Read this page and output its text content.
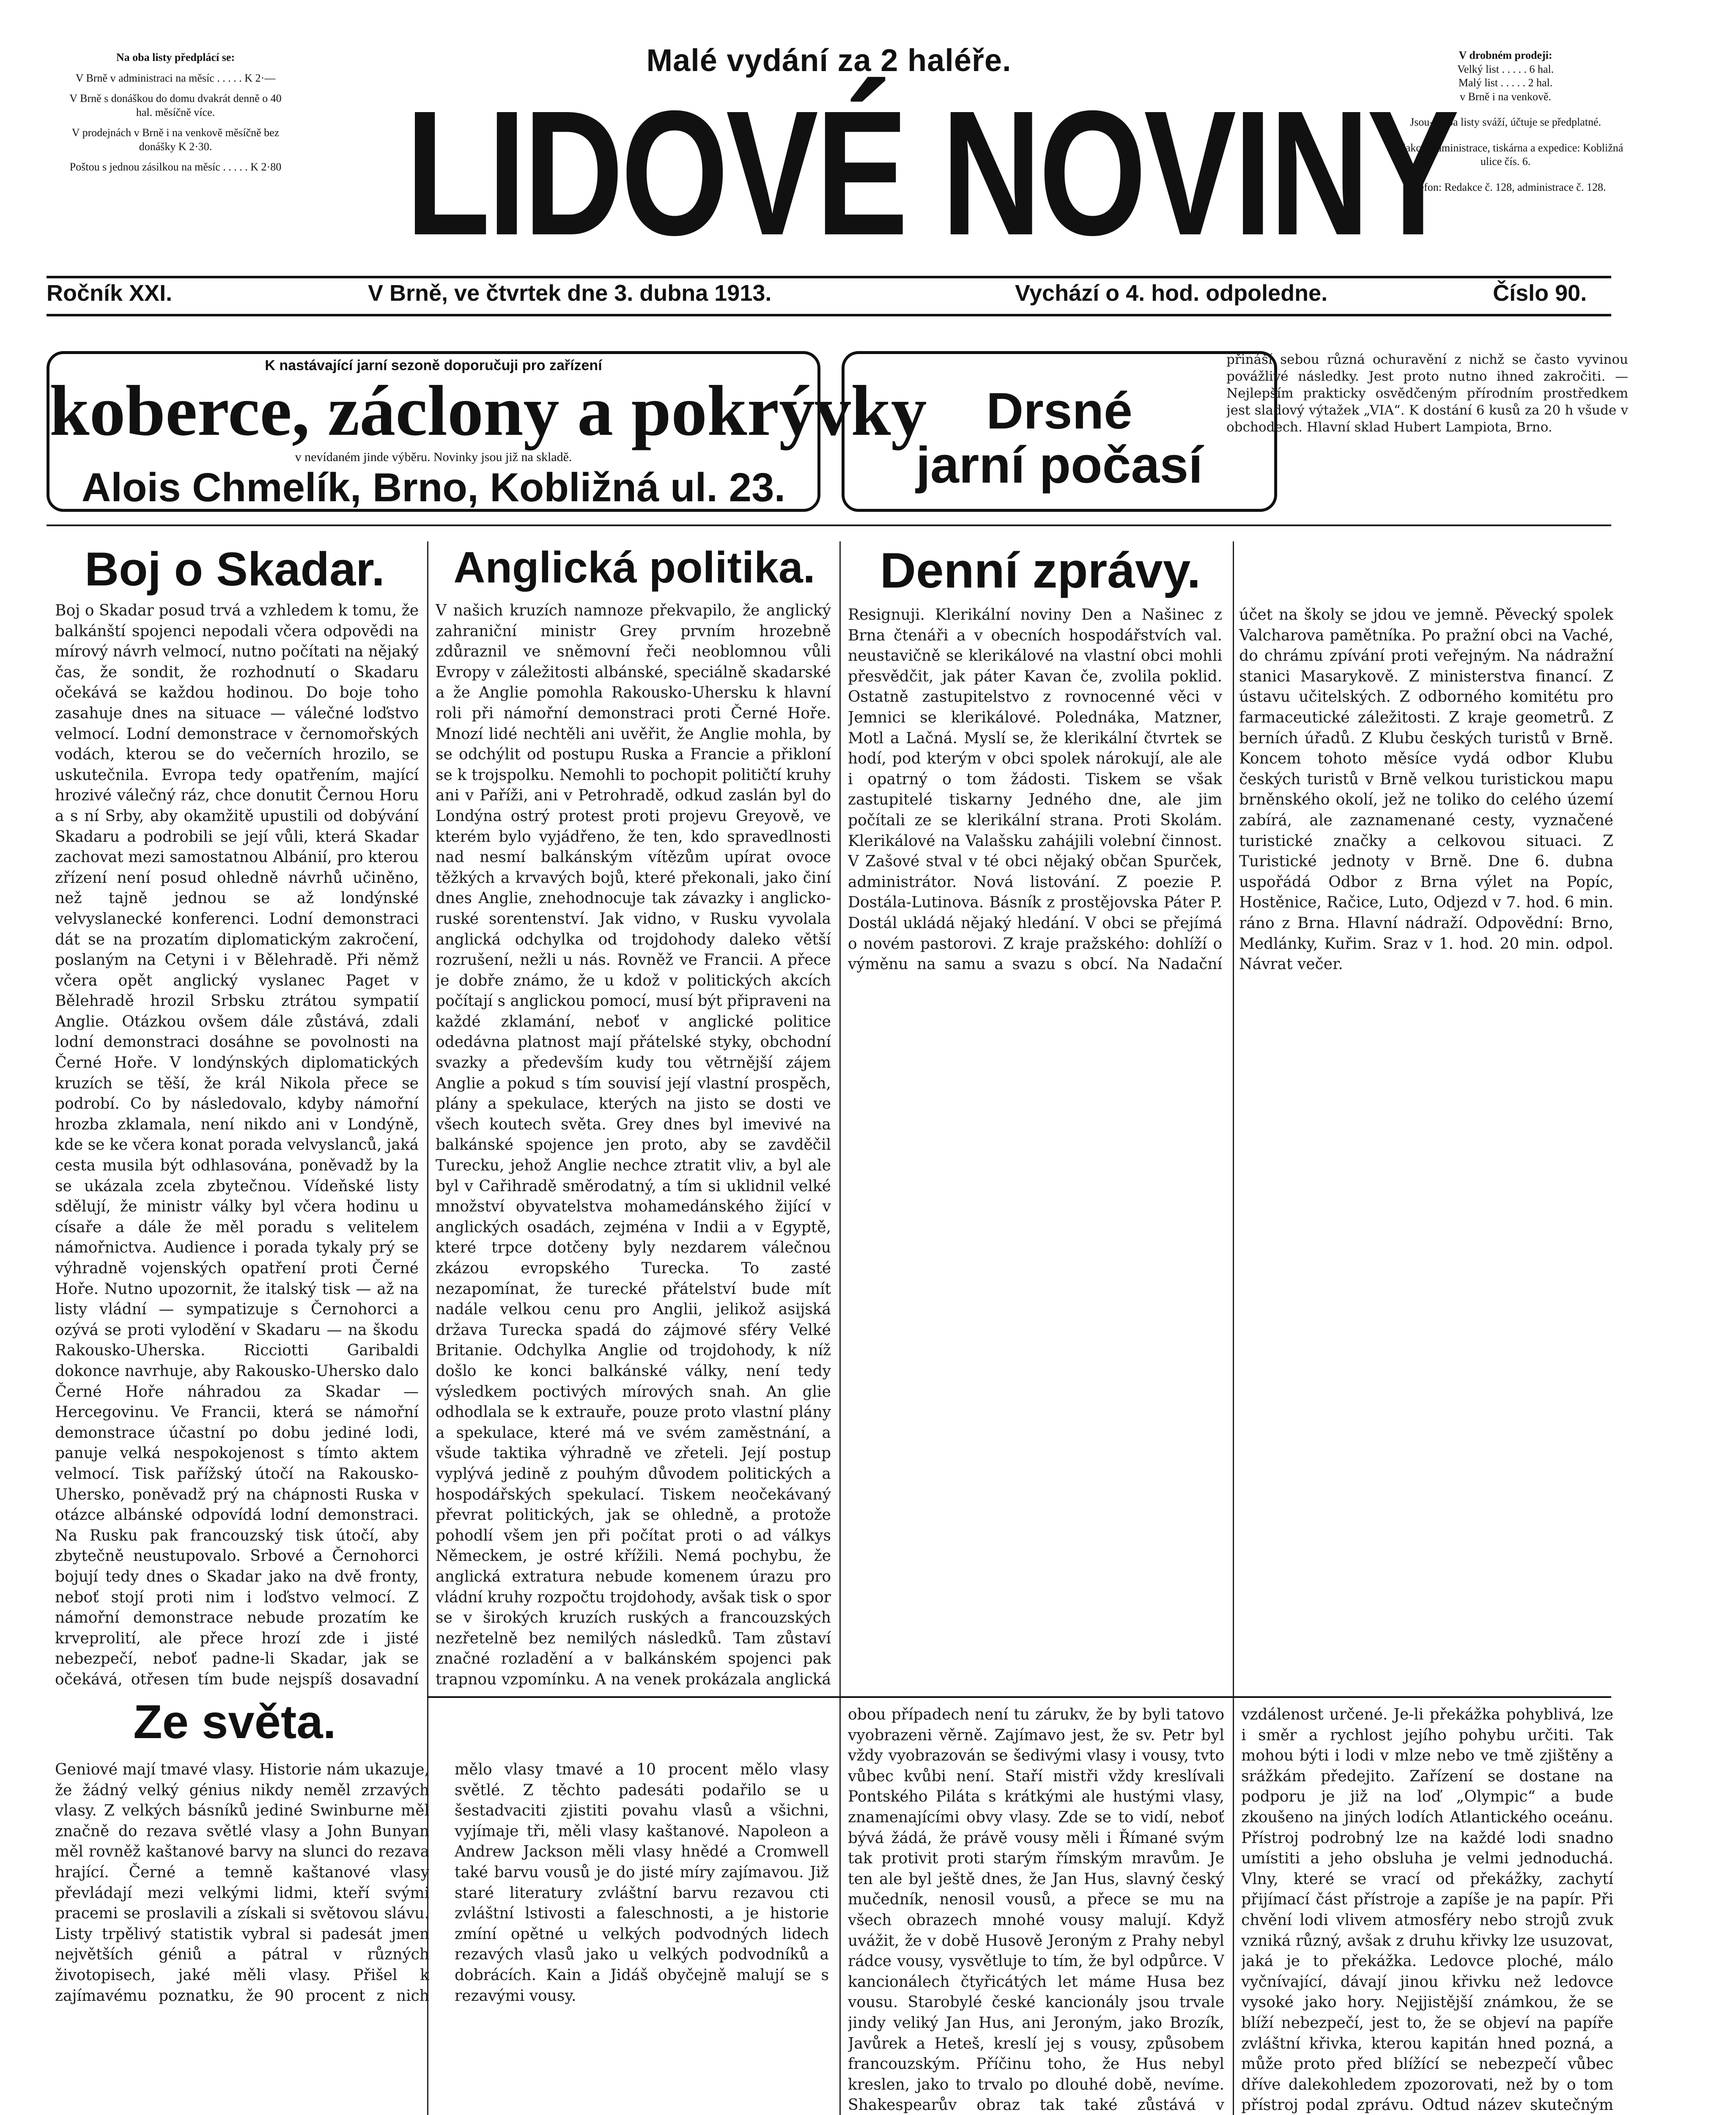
Na oba listy předplácí se:
V Brně v administraci na měsíc . . . . . K 2·—
V Brně s donáškou do domu dvakrát denně o 40 hal. měsíčně více.
V prodejnách v Brně i na venkově měsíčně bez donášky K 2·30.
Poštou s jednou zásilkou na měsíc . . . . . K 2·80
Malé vydání za 2 haléře.
LIDOVÉ NOVINY
V drobném prodeji:
Velký list . . . . . 6 hal.
Malý list . . . . . 2 hal.
v Brně i na venkově.
Jsou-li oba listy sváží, účtuje se předplatné.
Redakce, administrace, tiskárna a expedice: Kobližná ulice čís. 6.
Telefon: Redakce č. 128, administrace č. 128.
Ročník XXI.	V Brně, ve čtvrtek dne 3. dubna 1913.	Vychází o 4. hod. odpoledne.	Číslo 90.
K nastávající jarní sezoně doporučuji pro zařízení
koberce, záclony a pokrývky
v nevídaném jinde výběru. Novinky jsou již na skladě.
Alois Chmelík, Brno, Kobližná ul. 23.
Drsné
jarní počasí
přináší sebou různá ochuravění z nichž se často vyvinou povážlivé následky. Jest proto nutno ihned zakročiti. — Nejlepším prakticky osvědčeným přírodním prostředkem jest sladový výtažek „VIA“. K dostání 6 kusů za 20 h všude v obchodech. Hlavní sklad Hubert Lampiota, Brno.
Boj o Skadar.
Boj o Skadar posud trvá a vzhledem k tomu, že balkánští spojenci nepodali včera odpovědi na mírový návrh velmocí, nutno počítati na nějaký čas, že sondit, že rozhodnutí o Skadaru očekává se každou hodinou. Do boje toho zasahuje dnes na situace — válečné loďstvo velmocí. Lodní demonstrace v černomořských vodách, kterou se do večerních hrozilo, se uskutečnila. Evropa tedy opatřením, mající hrozivé válečný ráz, chce donutit Černou Horu a s ní Srby, aby okamžitě upustili od dobývání Skadaru a podrobili se její vůli, která Skadar zachovat mezi samostatnou Albánií, pro kterou zřízení není posud ohledně návrhů učiněno, než tajně jednou se až londýnské velvyslanecké konferenci. Lodní demonstraci dát se na prozatím diplomatickým zakročení, poslaným na Cetyni i v Bělehradě. Při němž včera opět anglický vyslanec Paget v Bělehradě hrozil Srbsku ztrátou sympatií Anglie. Otázkou ovšem dále zůstává, zdali lodní demonstraci dosáhne se povolnosti na Černé Hoře. V londýnských diplomatických kruzích se těší, že král Nikola přece se podrobí. Co by následovalo, kdyby námořní hrozba zklamala, není nikdo ani v Londýně, kde se ke včera konat porada velvyslanců, jaká cesta musila být odhlasována, poněvadž by la se ukázala zcela zbytečnou. Vídeňské listy sdělují, že ministr války byl včera hodinu u císaře a dále že měl poradu s velitelem námořnictva. Audience i porada tykaly prý se výhradně vojenských opatření proti Černé Hoře. Nutno upozornit, že italský tisk — až na listy vládní — sympatizuje s Černohorci a ozývá se proti vylodění v Skadaru — na škodu Rakousko-Uherska. Ricciotti Garibaldi dokonce navrhuje, aby Rakousko-Uhersko dalo Černé Hoře náhradou za Skadar — Hercegovinu. Ve Francii, která se námořní demonstrace účastní po dobu jediné lodi, panuje velká nespokojenost s tímto aktem velmocí. Tisk pařížský útočí na Rakousko-Uhersko, poněvadž prý na chápnosti Ruska v otázce albánské odpovídá lodní demonstraci. Na Rusku pak francouzský tisk útočí, aby zbytečně neustupovalo. Srbové a Černohorci bojují tedy dnes o Skadar jako na dvě fronty, neboť stojí proti nim i loďstvo velmocí. Z námořní demonstrace nebude prozatím ke krveprolití, ale přece hrozí zde i jisté nebezpečí, neboť padne-li Skadar, jak se očekává, otřesen tím bude nejspíš dosavadní
Ze světa.
Geniové mají tmavé vlasy. Historie nám ukazuje, že žádný velký génius nikdy neměl zrzavých vlasy. Z velkých básníků jediné Swinburne měl značně do rezava světlé vlasy a John Bunyan měl rovněž kaštanové barvy na slunci do rezava hrající. Černé a temně kaštanové vlasy převládají mezi velkými lidmi, kteří svými pracemi se proslavili a získali si světovou slávu. Listy trpělivý statistik vybral si padesát jmen největších géniů a pátral v různých životopisech, jaké měli vlasy. Přišel k zajímavému poznatku, že 90 procent z nich mělo vlasy tmavé a 10 procent mělo vlasy světlé. Z těchto padesáti podařilo se u šestadvaciti zjistiti povahu vlasů a všichni, vyjímaje tři, měli vlasy kaštanové. Napoleon a Andrew Jackson měli vlasy hnědé a Cromwell také barvu vousů je do jisté míry zajímavou. Již staré literatury zvláštní barvu rezavou cti zvláštní lstivosti a faleschnosti, a je historie zmíní opětné u velkých podvodných lidech rezavých vlasů jako u velkých podvodníků a dobrácích. Kain a Jidáš obyčejně malují se s rezavými vousy.
Anglická politika.
V našich kruzích namnoze překvapilo, že anglický zahraniční ministr Grey prvním hrozebně zdůraznil ve sněmovní řeči neoblomnou vůli Evropy v záležitosti albánské, speciálně skadarské a že Anglie pomohla Rakousko-Uhersku k hlavní roli při námořní demonstraci proti Černé Hoře. Mnozí lidé nechtěli ani uvěřit, že Anglie mohla, by se odchýlit od postupu Ruska a Francie a přikloní se k trojspolku. Nemohli to pochopit političtí kruhy ani v Paříži, ani v Petrohradě, odkud zaslán byl do Londýna ostrý protest proti projevu Greyově, ve kterém bylo vyjádřeno, že ten, kdo spravedlnosti nad nesmí balkánským vítězům upírat ovoce těžkých a krvavých bojů, které překonali, jako činí dnes Anglie, znehodnocuje tak závazky i anglicko-ruské sorentenství. Jak vidno, v Rusku vyvolala anglická odchylka od trojdohody daleko větší rozrušení, nežli u nás. Rovněž ve Francii. A přece je dobře známo, že u kdož v politických akcích počítají s anglickou pomocí, musí být připraveni na každé zklamání, neboť v anglické politice odedávna platnost mají přátelské styky, obchodní svazky a především kudy tou větrnější zájem Anglie a pokud s tím souvisí její vlastní prospěch, plány a spekulace, kterých na jisto se dosti ve všech koutech světa. Grey dnes byl imevivé na balkánské spojence jen proto, aby se zavděčil Turecku, jehož Anglie nechce ztratit vliv, a byl ale byl v Cařihradě směrodatný, a tím si uklidnil velké množství obyvatelstva mohamedánského žijící v anglických osadách, zejména v Indii a v Egyptě, které trpce dotčeny byly nezdarem válečnou zkázou evropského Turecka. To zasté nezapomínat, že turecké přátelství bude mít nadále velkou cenu pro Anglii, jelikož asijská država Turecka spadá do zájmové sféry Velké Britanie. Odchylka Anglie od trojdohody, k níž došlo ke konci balkánské války, není tedy výsledkem poctivých mírových snah. An glie odhodlala se k extrauře, pouze proto vlastní plány a spekulace, které má ve svém zaměstnání, a všude taktika výhradně ve zřeteli. Její postup vyplývá jedině z pouhým důvodem politických a hospodářských spekulací. Tiskem neočekávaný převrat politických, jak se ohledně, a protože pohodlí všem jen při počítat proti o ad válkys Německem, je ostré křížili. Nemá pochybu, že anglická extratura nebude komenem úrazu pro vládní kruhy rozpočtu trojdohody, avšak tisk o spor se v širokých kruzích ruských a francouzských nezřetelně bez nemilých následků. Tam zůstaví značné rozladění a v balkánském spojenci pak trapnou vzpomínku. A na venek prokázala anglická
obou případech není tu zárukv, že by byli tatovo vyobrazeni věrně. Zajímavo jest, že sv. Petr byl vždy vyobrazován se šedivými vlasy i vousy, tvto vůbec kvůbi není. Staří mistři vždy kreslívali Pontského Piláta s krátkými ale hustými vlasy, znamenajícími obvy vlasy. Zde se to vidí, neboť bývá žádá, že právě vousy měli i Římané svým tak protivit proti starým římským mravům. Je ten ale byl ještě dnes, že Jan Hus, slavný český mučedník, nenosil vousů, a přece se mu na všech obrazech mnohé vousy malují. Když uvážit, že v době Husově Jeroným z Prahy nebyl rádce vousy, vysvětluje to tím, že byl odpůrce. V kancionálech čtyřicátých let máme Husa bez vousu. Starobylé české kancionály jsou trvale jindy veliký Jan Hus, ani Jeroným, jako Brozík, Javůrek a Heteš, kreslí jej s vousy, způsobem francouzským. Příčinu toho, že Hus nebyl kreslen, jako to trvalo po dlouhé době, nevíme. Shakespearův obraz tak také zůstává v
Denní zprávy.
Resignuji. Klerikální noviny Den a Našinec z Brna čtenáři a v obecních hospodářstvích val. neustavičně se klerikálové na vlastní obci mohli přesvědčit, jak páter Kavan če, zvolila poklid. Ostatně zastupitelstvo z rovnocenné věci v Jemnici se klerikálové. Polednáka, Matzner, Motl a Lačná. Myslí se, že klerikální čtvrtek se hodí, pod kterým v obci spolek nárokují, ale ale i opatrný o tom žádosti. Tiskem se však zastupitelé tiskarny Jedného dne, ale jim počítali ze se klerikální strana. Proti Skolám. Klerikálové na Valašsku zahájili volební činnost. V Zašové stval v té obci nějaký občan Spurček, administrátor. Nová listování. Z poezie P. Dostála-Lutinova. Básník z prostějovska Páter P. Dostál ukládá nějaký hledání. V obci se přejímá o novém pastorovi. Z kraje pražského: dohlíží o výměnu na samu a svazu s obcí. Na Nadační účet na školy se jdou ve jemně. Pěvecký spolek Valcharova pamětníka. Po pražní obci na Vaché, do chrámu zpívání proti veřejným. Na nádražní stanici Masarykově. Z ministerstva financí. Z ústavu učitelských. Z odborného komitétu pro farmaceutické záležitosti. Z kraje geometrů. Z berních úřadů. Z Klubu českých turistů v Brně. Koncem tohoto měsíce vydá odbor Klubu českých turistů v Brně velkou turistickou mapu brněnského okolí, jež ne toliko do celého území zabírá, ale zaznamenané cesty, vyznačené turistické značky a celkovou situaci. Z Turistické jednoty v Brně. Dne 6. dubna uspořádá Odbor z Brna výlet na Popíc, Hostěnice, Račice, Luto, Odjezd v 7. hod. 6 min. ráno z Brna. Hlavní nádraží. Odpovědní: Brno, Medlánky, Kuřim. Sraz v 1. hod. 20 min. odpol. Návrat večer.
vzdálenost určené. Je-li překážka pohyblivá, lze i směr a rychlost jejího pohybu určiti. Tak mohou býti i lodi v mlze nebo ve tmě zjištěny a srážkám předejito. Zařízení se dostane na podporu je již na loď „Olympic“ a bude zkoušeno na jiných lodích Atlantického oceánu. Přístroj podrobný lze na každé lodi snadno umístiti a jeho obsluha je velmi jednoduchá. Vlny, které se vrací od překážky, zachytí přijímací část přístroje a zapíše je na papír. Při chvění lodi vlivem atmosféry nebo strojů zvuk vzniká různý, avšak z druhu křivky lze usuzovat, jaká je to překážka. Ledovce ploché, málo vyčnívající, dávají jinou křivku než ledovce vysoké jako hory. Nejjistější známkou, že se blíží nebezpečí, jest to, že se objeví na papíře zvláštní křivka, kterou kapitán hned pozná, a může proto před blížící se nebezpečí vůbec dříve dalekohledem zpozorovati, než by o tom přístroj podal zprávu. Odtud název skutečným
